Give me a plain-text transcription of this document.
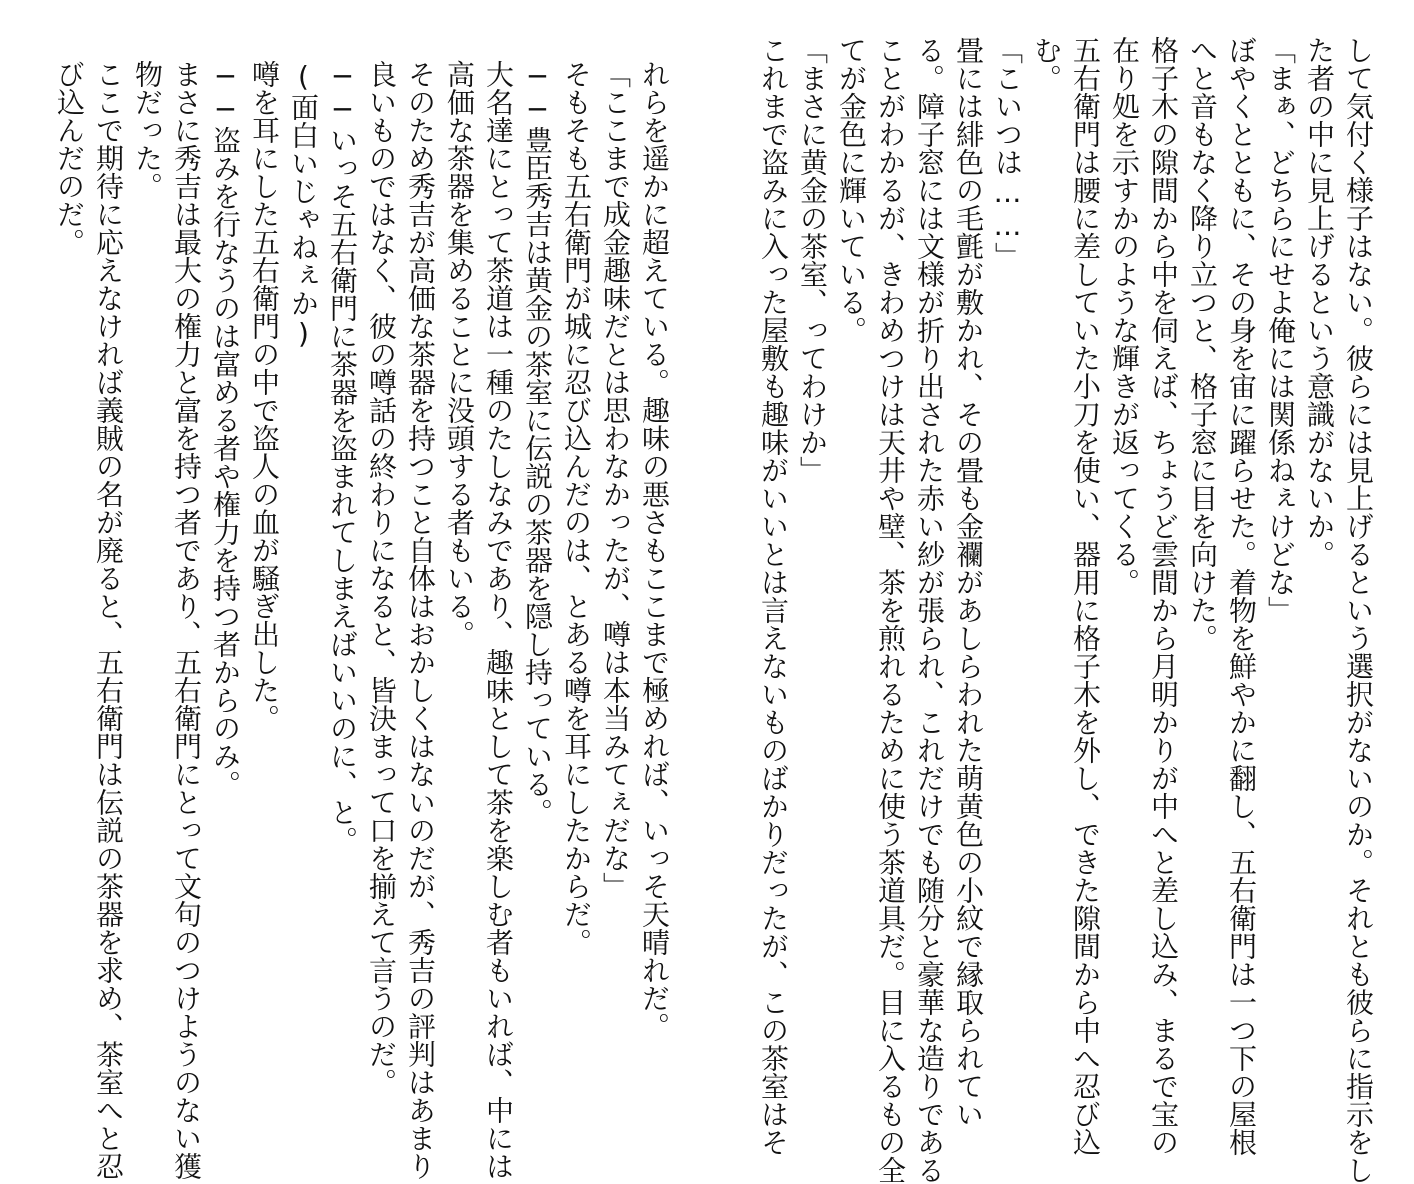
して気付く様子はない。彼らには見上げるという選択がないのか。それとも彼らに指示をし
た者の中に見上げるという意識がないか。
「まぁ、どちらにせよ俺には関係ねぇけどな」
ぼやくとともに、その身を宙に躍らせた。着物を鮮やかに翻し、五右衛門は一つ下の屋根
へと音もなく降り立つと、格子窓に目を向けた。
格子木の隙間から中を伺えば、ちょうど雲間から月明かりが中へと差し込み、まるで宝の
在り処を示すかのような輝きが返ってくる。
五右衛門は腰に差していた小刀を使い、器用に格子木を外し、できた隙間から中へ忍び込
む。
「こいつは……」
畳には緋色の毛氈が敷かれ、その畳も金襴があしらわれた萌黄色の小紋で縁取られてい
る。障子窓には文様が折り出された赤い紗が張られ、これだけでも随分と豪華な造りである
ことがわかるが、きわめつけは天井や壁、茶を煎れるために使う茶道具だ。目に入るもの全
てが金色に輝いている。
「まさに黄金の茶室、ってわけか」
これまで盗みに入った屋敷も趣味がいいとは言えないものばかりだったが、この茶室はそ
れらを遥かに超えている。趣味の悪さもここまで極めれば、いっそ天晴れだ。
「ここまで成金趣味だとは思わなかったが、噂は本当みてぇだな」
そもそも五右衛門が城に忍び込んだのは、とある噂を耳にしたからだ。
──豊臣秀吉は黄金の茶室に伝説の茶器を隠し持っている。
大名達にとって茶道は一種のたしなみであり、趣味として茶を楽しむ者もいれば、中には
高価な茶器を集めることに没頭する者もいる。
そのため秀吉が高価な茶器を持つこと自体はおかしくはないのだが、秀吉の評判はあまり
良いものではなく、彼の噂話の終わりになると、皆決まって口を揃えて言うのだ。
──いっそ五右衛門に茶器を盗まれてしまえばいいのに、と。
(面白いじゃねぇか)
噂を耳にした五右衛門の中で盗人の血が騒ぎ出した。
──盗みを行なうのは富める者や権力を持つ者からのみ。
まさに秀吉は最大の権力と富を持つ者であり、五右衛門にとって文句のつけようのない獲
物だった。
ここで期待に応えなければ義賊の名が廃ると、五右衛門は伝説の茶器を求め、茶室へと忍
び込んだのだ。
